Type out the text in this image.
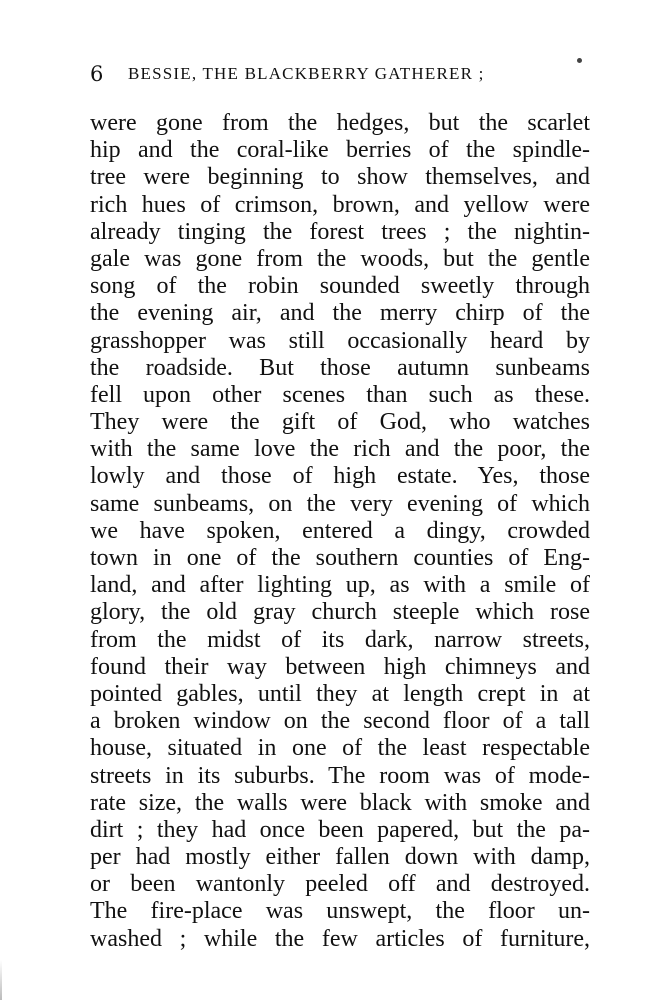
6 BESSIE, THE BLACKBERRY GATHERER ;
were gone from the hedges, but the scarlet
hip and the coral-like berries of the spindle-
tree were beginning to show themselves, and
rich hues of crimson, brown, and yellow were
already tinging the forest trees ; the nightin-
gale was gone from the woods, but the gentle
song of the robin sounded sweetly through
the evening air, and the merry chirp of the
grasshopper was still occasionally heard by
the roadside. But those autumn sunbeams
fell upon other scenes than such as these.
They were the gift of God, who watches
with the same love the rich and the poor, the
lowly and those of high estate. Yes, those
same sunbeams, on the very evening of which
we have spoken, entered a dingy, crowded
town in one of the southern counties of Eng-
land, and after lighting up, as with a smile of
glory, the old gray church steeple which rose
from the midst of its dark, narrow streets,
found their way between high chimneys and
pointed gables, until they at length crept in at
a broken window on the second floor of a tall
house, situated in one of the least respectable
streets in its suburbs. The room was of mode-
rate size, the walls were black with smoke and
dirt ; they had once been papered, but the pa-
per had mostly either fallen down with damp,
or been wantonly peeled off and destroyed.
The fire-place was unswept, the floor un-
washed ; while the few articles of furniture,
